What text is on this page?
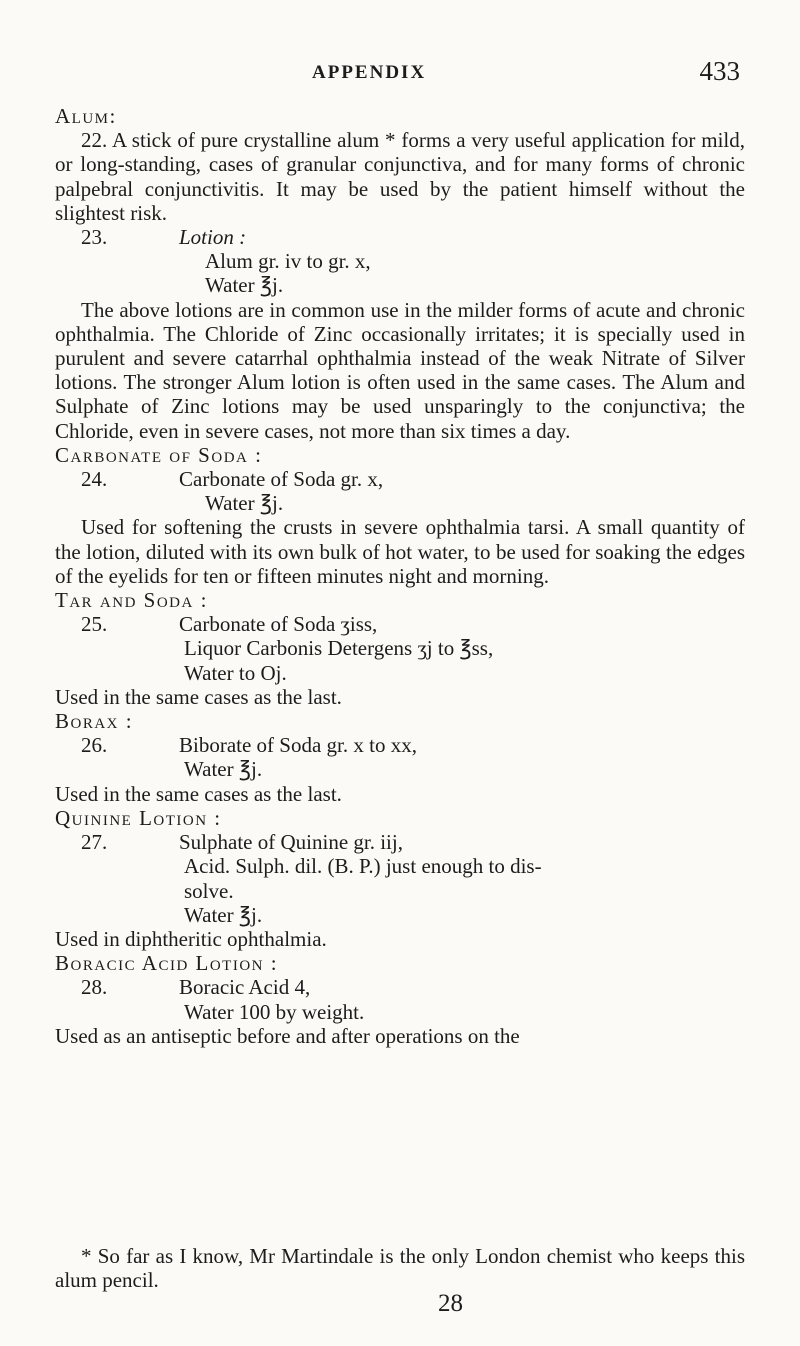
APPENDIX	433

Alum:

22. A stick of pure crystalline alum * forms a very useful application for mild, or long-standing, cases of granular conjunctiva, and for many forms of chronic palpebral conjunctivitis. It may be used by the patient himself without the slightest risk.

23.	Lotion :

Alum gr. iv to gr. x,

Water ℥j.

The above lotions are in common use in the milder forms of acute and chronic ophthalmia. The Chloride of Zinc occasionally irritates; it is specially used in purulent and severe catarrhal ophthalmia instead of the weak Nitrate of Silver lotions. The stronger Alum lotion is often used in the same cases. The Alum and Sulphate of Zinc lotions may be used unsparingly to the conjunctiva; the Chloride, even in severe cases, not more than six times a day.

Carbonate of Soda :

24.	Carbonate of Soda gr. x,

Water ℥j.

Used for softening the crusts in severe ophthalmia tarsi. A small quantity of the lotion, diluted with its own bulk of hot water, to be used for soaking the edges of the eyelids for ten or fifteen minutes night and morning.

Tar and Soda :

25.	Carbonate of Soda ʒiss,

Liquor Carbonis Detergens ʒj to ℥ss,

Water to Oj.

Used in the same cases as the last.

Borax :

26.	Biborate of Soda gr. x to xx,

Water ℥j.

Used in the same cases as the last.

Quinine Lotion :

27.	Sulphate of Quinine gr. iij,

Acid. Sulph. dil. (B. P.) just enough to dis-

solve.

Water ℥j.

Used in diphtheritic ophthalmia.

Boracic Acid Lotion :

28.	Boracic Acid 4,

Water 100 by weight.

Used as an antiseptic before and after operations on the

* So far as I know, Mr Martindale is the only London chemist who keeps this alum pencil.

28
